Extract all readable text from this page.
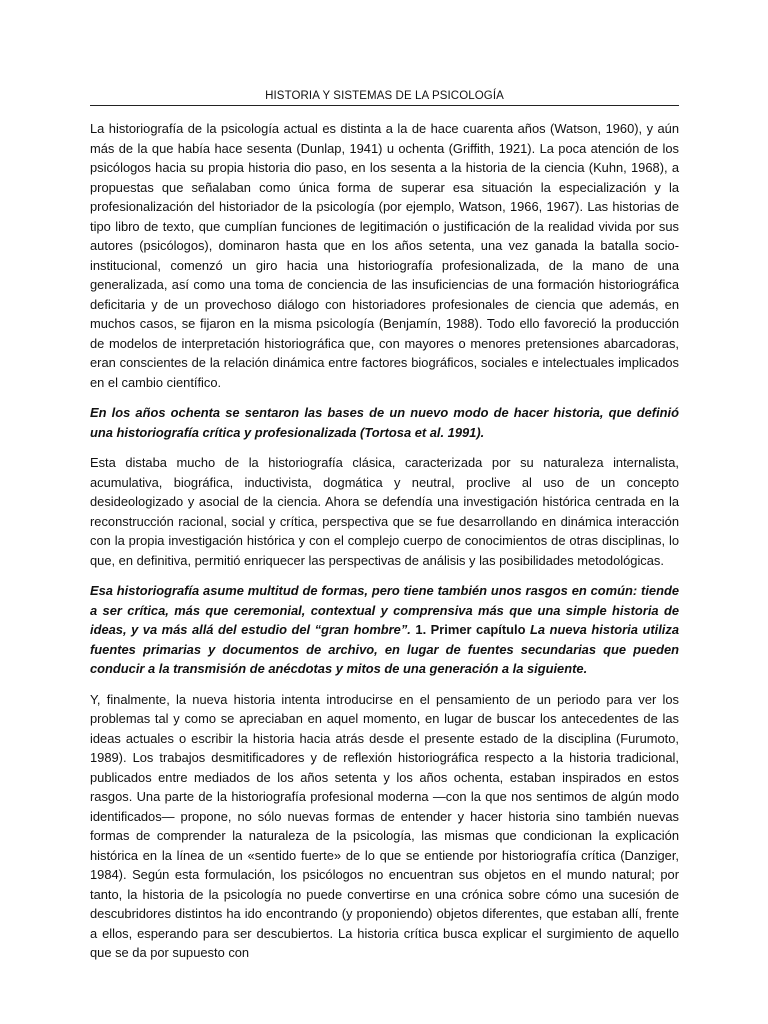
HISTORIA Y SISTEMAS DE LA PSICOLOGÍA

La historiografía de la psicología actual es distinta a la de hace cuarenta años (Watson, 1960), y aún más de la que había hace sesenta (Dunlap, 1941) u ochenta (Griffith, 1921). La poca atención de los psicólogos hacia su propia historia dio paso, en los sesenta a la historia de la ciencia (Kuhn, 1968), a propuestas que señalaban como única forma de superar esa situación la especialización y la profesionalización del historiador de la psicología (por ejemplo, Watson, 1966, 1967). Las historias de tipo libro de texto, que cumplían funciones de legitimación o justificación de la realidad vivida por sus autores (psicólogos), dominaron hasta que en los años setenta, una vez ganada la batalla socio-institucional, comenzó un giro hacia una historiografía profesionalizada, de la mano de una generalizada, así como una toma de conciencia de las insuficiencias de una formación historiográfica deficitaria y de un provechoso diálogo con historiadores profesionales de ciencia que además, en muchos casos, se fijaron en la misma psicología (Benjamín, 1988). Todo ello favoreció la producción de modelos de interpretación historiográfica que, con mayores o menores pretensiones abarcadoras, eran conscientes de la relación dinámica entre factores biográficos, sociales e intelectuales implicados en el cambio científico.

En los años ochenta se sentaron las bases de un nuevo modo de hacer historia, que definió una historiografía crítica y profesionalizada (Tortosa et al. 1991).

Esta distaba mucho de la historiografía clásica, caracterizada por su naturaleza internalista, acumulativa, biográfica, inductivista, dogmática y neutral, proclive al uso de un concepto desideologizado y asocial de la ciencia. Ahora se defendía una investigación histórica centrada en la reconstrucción racional, social y crítica, perspectiva que se fue desarrollando en dinámica interacción con la propia investigación histórica y con el complejo cuerpo de conocimientos de otras disciplinas, lo que, en definitiva, permitió enriquecer las perspectivas de análisis y las posibilidades metodológicas.

Esa historiografía asume multitud de formas, pero tiene también unos rasgos en común: tiende a ser crítica, más que ceremonial, contextual y comprensiva más que una simple historia de ideas, y va más allá del estudio del “gran hombre”. 1. Primer capítulo La nueva historia utiliza fuentes primarias y documentos de archivo, en lugar de fuentes secundarias que pueden conducir a la transmisión de anécdotas y mitos de una generación a la siguiente.

Y, finalmente, la nueva historia intenta introducirse en el pensamiento de un periodo para ver los problemas tal y como se apreciaban en aquel momento, en lugar de buscar los antecedentes de las ideas actuales o escribir la historia hacia atrás desde el presente estado de la disciplina (Furumoto, 1989). Los trabajos desmitificadores y de reflexión historiográfica respecto a la historia tradicional, publicados entre mediados de los años setenta y los años ochenta, estaban inspirados en estos rasgos. Una parte de la historiografía profesional moderna —con la que nos sentimos de algún modo identificados— propone, no sólo nuevas formas de entender y hacer historia sino también nuevas formas de comprender la naturaleza de la psicología, las mismas que condicionan la explicación histórica en la línea de un «sentido fuerte» de lo que se entiende por historiografía crítica (Danziger, 1984). Según esta formulación, los psicólogos no encuentran sus objetos en el mundo natural; por tanto, la historia de la psicología no puede convertirse en una crónica sobre cómo una sucesión de descubridores distintos ha ido encontrando (y proponiendo) objetos diferentes, que estaban allí, frente a ellos, esperando para ser descubiertos. La historia crítica busca explicar el surgimiento de aquello que se da por supuesto con
